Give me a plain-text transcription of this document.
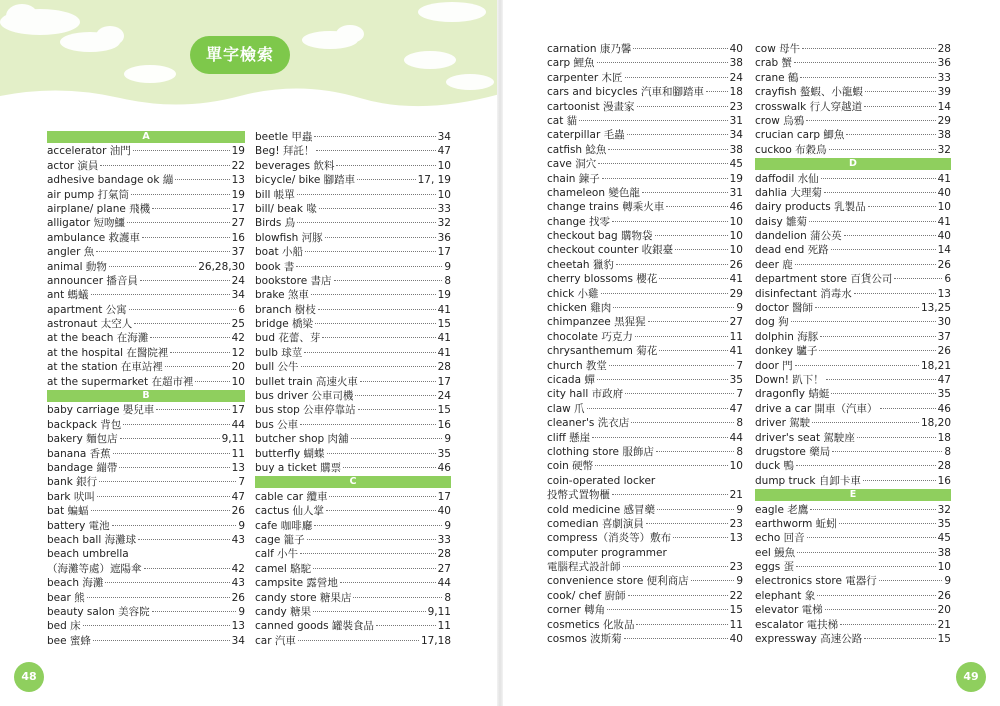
單字檢索
A
accelerator 油門	19
actor 演員	22
adhesive bandage ok 繃	13
air pump 打氣筒	19
airplane/ plane 飛機	17
alligator 短吻鱷	27
ambulance 救護車	16
angler 魚	37
animal 動物	26,28,30
announcer 播音員	24
ant 螞蟻	34
apartment 公寓	6
astronaut 太空人	25
at the beach 在海灘	42
at the hospital 在醫院裡	12
at the station 在車站裡	20
at the supermarket 在超市裡	10
B
baby carriage 嬰兒車	17
backpack 背包	44
bakery 麵包店	9,11
banana 香蕉	11
bandage 繃帶	13
bank 銀行	7
bark 吠叫	47
bat 蝙蝠	26
battery 電池	9
beach ball 海灘球	43
beach umbrella
（海灘等處）遮陽傘	42
beach 海灘	43
bear 熊	26
beauty salon 美容院	9
bed 床	13
bee 蜜蜂	34
beetle 甲蟲	34
Beg! 拜託！	47
beverages 飲料	10
bicycle/ bike 腳踏車	17, 19
bill 帳單	10
bill/ beak 喙	33
Birds 鳥	32
blowfish 河豚	36
boat 小船	17
book 書	9
bookstore 書店	8
brake 煞車	19
branch 樹枝	41
bridge 橋梁	15
bud 花蕾、芽	41
bulb 球莖	41
bull 公牛	28
bullet train 高速火車	17
bus driver 公車司機	24
bus stop 公車停靠站	15
bus 公車	16
butcher shop 肉舖	9
butterfly 蝴蝶	35
buy a ticket 購票	46
C
cable car 纜車	17
cactus 仙人掌	40
cafe 咖啡廳	9
cage 籠子	33
calf 小牛	28
camel 駱駝	27
campsite 露營地	44
candy store 糖果店	8
candy 糖果	9,11
canned goods 罐裝食品	11
car 汽車	17,18
48
carnation 康乃馨	40
carp 鯉魚	38
carpenter 木匠	24
cars and bicycles 汽車和腳踏車 18
cartoonist 漫畫家	23
cat 貓	31
caterpillar 毛蟲	34
catfish 鯰魚	38
cave 洞穴	45
chain 鍊子	19
chameleon 變色龍	31
change trains 轉乘火車	46
change 找零	10
checkout bag 購物袋	10
checkout counter 收銀臺	10
cheetah 獵豹	26
cherry blossoms 櫻花	41
chick 小雞	29
chicken 雞肉	9
chimpanzee 黑猩猩	27
chocolate 巧克力	11
chrysanthemum 菊花	41
church 教堂	7
cicada 蟬	35
city hall 市政府	7
claw 爪	47
cleaner's 洗衣店	8
cliff 懸崖	44
clothing store 服飾店	8
coin 硬幣	10
coin-operated locker
投幣式置物櫃	21
cold medicine 感冒藥	9
comedian 喜劇演員	23
compress（消炎等）敷布	13
computer programmer
電腦程式設計師	23
convenience store 便利商店	9
cook/ chef 廚師	22
corner 轉角	15
cosmetics 化妝品	11
cosmos 波斯菊	40
cow 母牛	28
crab 蟹	36
crane 鶴	33
crayfish 螯蝦、小龍蝦	39
crosswalk 行人穿越道	14
crow 烏鴉	29
crucian carp 鯽魚	38
cuckoo 布穀鳥	32
D
daffodil 水仙	41
dahlia 大理菊	40
dairy products 乳製品	10
daisy 雛菊	41
dandelion 蒲公英	40
dead end 死路	14
deer 鹿	26
department store 百貨公司	6
disinfectant 消毒水	13
doctor 醫師	13,25
dog 狗	30
dolphin 海豚	37
donkey 驢子	26
door 門	18,21
Down! 趴下！	47
dragonfly 蜻蜓	35
drive a car 開車（汽車）	46
driver 駕駛	18,20
driver's seat 駕駛座	18
drugstore 藥局	8
duck 鴨	28
dump truck 自卸卡車	16
E
eagle 老鷹	32
earthworm 蚯蚓	35
echo 回音	45
eel 鰻魚	38
eggs 蛋	10
electronics store 電器行	9
elephant 象	26
elevator 電梯	20
escalator 電扶梯	21
expressway 高速公路	15
49
